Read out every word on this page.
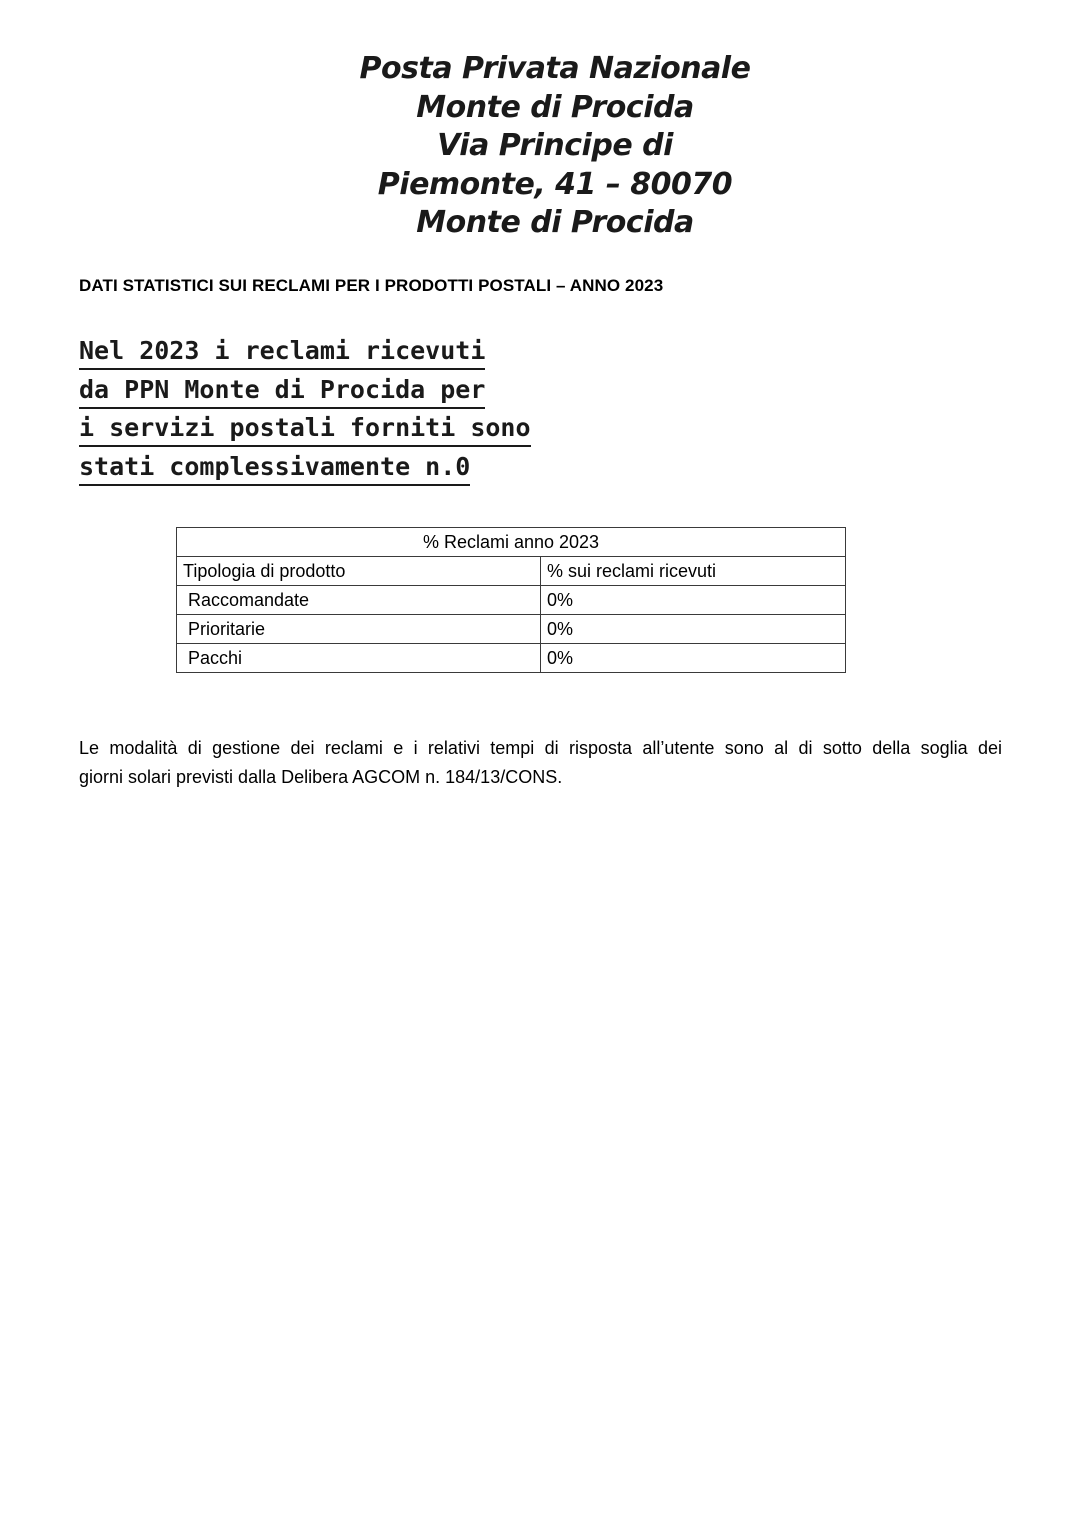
Posta Privata Nazionale
Monte di Procida
Via Principe di
Piemonte, 41 – 80070
Monte di Procida
DATI STATISTICI SUI RECLAMI PER I PRODOTTI POSTALI – ANNO 2023
Nel 2023 i reclami ricevuti
da PPN Monte di Procida per
i servizi postali forniti sono
stati complessivamente n.0
% Reclami anno 2023	
Tipologia di prodotto	% sui reclami ricevuti
Raccomandate	0%
Prioritarie	0%
Pacchi	0%
Le modalità di gestione dei reclami e i relativi tempi di risposta all’utente sono al di sotto della soglia dei
giorni solari previsti dalla Delibera AGCOM n. 184/13/CONS.
